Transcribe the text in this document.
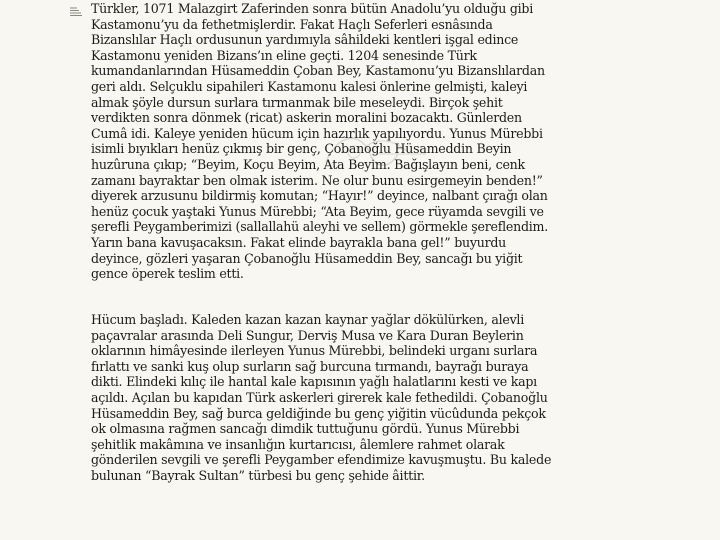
Türkler, 1071 Malazgirt Zaferinden sonra bütün Anadolu’yu olduğu gibi
Kastamonu’yu da fethetmişlerdir. Fakat Haçlı Seferleri esnâsında
Bizanslılar Haçlı ordusunun yardımıyla sâhildeki kentleri işgal edince
Kastamonu yeniden Bizans’ın eline geçti. 1204 senesinde Türk
kumandanlarından Hüsameddin Çoban Bey, Kastamonu’yu Bizanslılardan
geri aldı. Selçuklu sipahileri Kastamonu kalesi önlerine gelmişti, kaleyi
almak şöyle dursun surlara tırmanmak bile meseleydi. Birçok şehit
verdikten sonra dönmek (ricat) askerin moralini bozacaktı. Günlerden
Cumâ idi. Kaleye yeniden hücum için hazırlık yapılıyordu. Yunus Mürebbi
isimli bıyıkları henüz çıkmış bir genç, Çobanoğlu Hüsameddin Beyin
huzûruna çıkıp; “Beyim, Koçu Beyim, Ata Beyim. Bağışlayın beni, cenk
zamanı bayraktar ben olmak isterim. Ne olur bunu esirgemeyin benden!”
diyerek arzusunu bildirmiş komutan; “Hayır!” deyince, nalbant çırağı olan
henüz çocuk yaştaki Yunus Mürebbi; “Ata Beyim, gece rüyamda sevgili ve
şerefli Peygamberimizi (sallallahü aleyhi ve sellem) görmekle şereflendim.
Yarın bana kavuşacaksın. Fakat elinde bayrakla bana gel!” buyurdu
deyince, gözleri yaşaran Çobanoğlu Hüsameddin Bey, sancağı bu yiğit
gence öperek teslim etti.

Hücum başladı. Kaleden kazan kazan kaynar yağlar dökülürken, alevli
paçavralar arasında Deli Sungur, Derviş Musa ve Kara Duran Beylerin
oklarının himâyesinde ilerleyen Yunus Mürebbi, belindeki urganı surlara
fırlattı ve sanki kuş olup surların sağ burcuna tırmandı, bayrağı buraya
dikti. Elindeki kılıç ile hantal kale kapısının yağlı halatlarını kesti ve kapı
açıldı. Açılan bu kapıdan Türk askerleri girerek kale fethedildi. Çobanoğlu
Hüsameddin Bey, sağ burca geldiğinde bu genç yiğitin vücûdunda pekçok
ok olmasına rağmen sancağı dimdik tuttuğunu gördü. Yunus Mürebbi
şehitlik makâmına ve insanlığın kurtarıcısı, âlemlere rahmet olarak
gönderilen sevgili ve şerefli Peygamber efendimize kavuşmuştu. Bu kalede
bulunan “Bayrak Sultan” türbesi bu genç şehide âittir.
